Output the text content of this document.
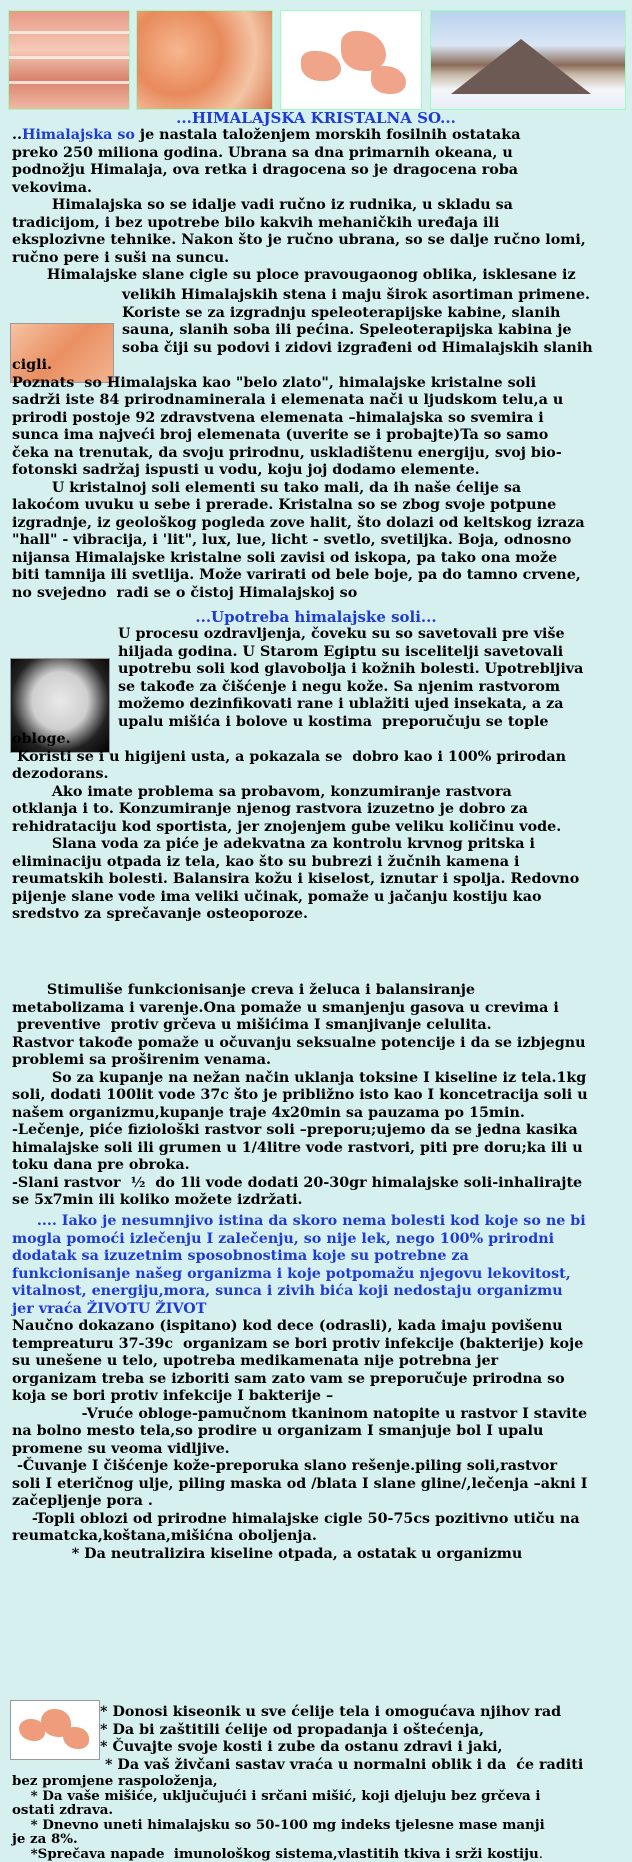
...HIMALAJSKA KRISTALNA SO...
..Himalajska so je nastala taloženjem morskih fosilnih ostataka
preko 250 miliona godina. Ubrana sa dna primarnih okeana, u
podnožju Himalaja, ova retka i dragocena so je dragocena roba
vekovima.
Himalajska so se idalje vadi ručno iz rudnika, u skladu sa
tradicijom, i bez upotrebe bilo kakvih mehaničkih uređaja ili
eksplozivne tehnike. Nakon što je ručno ubrana, so se dalje ručno lomi,
ručno pere i suši na suncu.
Himalajske slane cigle su ploce pravougaonog oblika, isklesane iz
velikih Himalajskih stena i maju širok asortiman primene.
Koriste se za izgradnju speleoterapijske kabine, slanih
sauna, slanih soba ili pećina. Speleoterapijska kabina je
soba čiji su podovi i zidovi izgrađeni od Himalajskih slanih
cigli.
Poznats  so Himalajska kao "belo zlato", himalajske kristalne soli
sadrži iste 84 prirodnaminerala i elemenata nači u ljudskom telu,a u
prirodi postoje 92 zdravstvena elemenata –himalajska so svemira i
sunca ima najveći broj elemenata (uverite se i probajte)Ta so samo
čeka na trenutak, da svoju prirodnu, uskladištenu energiju, svoj bio-
fotonski sadržaj ispusti u vodu, koju joj dodamo elemente.
U kristalnoj soli elementi su tako mali, da ih naše ćelije sa
lakoćom uvuku u sebe i prerade. Kristalna so se zbog svoje potpune
izgradnje, iz geološkog pogleda zove halit, što dolazi od keltskog izraza
"hall" - vibracija, i 'lit", lux, lue, licht - svetlo, svetiljka. Boja, odnosno
nijansa Himalajske kristalne soli zavisi od iskopa, pa tako ona može
biti tamnija ili svetlija. Može varirati od bele boje, pa do tamno crvene,
no svejedno  radi se o čistoj Himalajskoj so
...Upotreba himalajske soli...
U procesu ozdravljenja, čoveku su so savetovali pre više
hiljada godina. U Starom Egiptu su iscelitelji savetovali
upotrebu soli kod glavobolja i kožnih bolesti. Upotrebljiva
se takođe za čišćenje i negu kože. Sa njenim rastvorom
možemo dezinfikovati rane i ublažiti ujed insekata, a za
upalu mišića i bolove u kostima  preporučuju se tople
obloge.
Koristi se i u higijeni usta, a pokazala se  dobro kao i 100% prirodan
dezodorans.
Ako imate problema sa probavom, konzumiranje rastvora
otklanja i to. Konzumiranje njenog rastvora izuzetno je dobro za
rehidrataciju kod sportista, jer znojenjem gube veliku količinu vode.
Slana voda za piće je adekvatna za kontrolu krvnog pritska i
eliminaciju otpada iz tela, kao što su bubrezi i žučnih kamena i
reumatskih bolesti. Balansira kožu i kiselost, iznutar i spolja. Redovno
pijenje slane vode ima veliki učinak, pomaže u jačanju kostiju kao
sredstvo za sprečavanje osteoporoze.
Stimuliše funkcionisanje creva i želuca i balansiranje
metabolizama i varenje.Ona pomaže u smanjenju gasova u crevima i
preventive  protiv grčeva u mišićima I smanjivanje celulita.
Rastvor takođe pomaže u očuvanju seksualne potencije i da se izbjegnu
problemi sa proširenim venama.
So za kupanje na nežan način uklanja toksine I kiseline iz tela.1kg
soli, dodati 100lit vode 37c što je približno isto kao I koncetracija soli u
našem organizmu,kupanje traje 4x20min sa pauzama po 15min.
-Lečenje, piće fiziološki rastvor soli –preporu;ujemo da se jedna kasika
himalajske soli ili grumen u 1/4litre vode rastvori, piti pre doru;ka ili u
toku dana pre obroka.
-Slani rastvor  ½  do 1li vode dodati 20-30gr himalajske soli-inhalirajte
se 5x7min ili koliko možete izdržati.
.... Iako je nesumnjivo istina da skoro nema bolesti kod koje so ne bi
mogla pomoći izlečenju I zalečenju, so nije lek, nego 100% prirodni
dodatak sa izuzetnim sposobnostima koje su potrebne za
funkcionisanje našeg organizma i koje potpomažu njegovu lekovitost,
vitalnost, energiju,mora, sunca i zivih bića koji nedostaju organizmu
jer vraća ŽIVOTU ŽIVOT
Naučno dokazano (ispitano) kod dece (odrasli), kada imaju povišenu
tempreaturu 37-39c  organizam se bori protiv infekcije (bakterije) koje
su unešene u telo, upotreba medikamenata nije potrebna jer
organizam treba se izboriti sam zato vam se preporučuje prirodna so
koja se bori protiv infekcije I bakterije –
-Vruće obloge-pamučnom tkaninom natopite u rastvor I stavite
na bolno mesto tela,so prodire u organizam I smanjuje bol I upalu
promene su veoma vidljive.
-Čuvanje I čišćenje kože-preporuka slano rešenje.piling soli,rastvor
soli I eteričnog ulje, piling maska od /blata I slane gline/,lečenja –akni I
začepljenje pora .
-Topli oblozi od prirodne himalajske cigle 50-75cs pozitivno utiču na
reumatcka,koštana,mišićna obolјenja.
* Da neutralizira kiseline otpada, a ostatak u organizmu
* Donosi kiseonik u sve ćelije tela i omogućava njihov rad
* Da bi zaštitili ćelije od propadanja i oštećenja,
* Čuvajte svoje kosti i zube da ostanu zdravi i jaki,
* Da vaš živčani sastav vraća u normalni oblik i da  će raditi
bez promjene raspoloženja,
* Da vaše mišiće, uključujući i srčani mišić, koji djeluju bez grčeva i
ostati zdrava.
* Dnevno uneti himalajsku so 50-100 mg indeks tjelesne mase manji
je za 8%.
*Sprečava napade  imunološkog sistema,vlastitih tkiva i srži kostiju.
